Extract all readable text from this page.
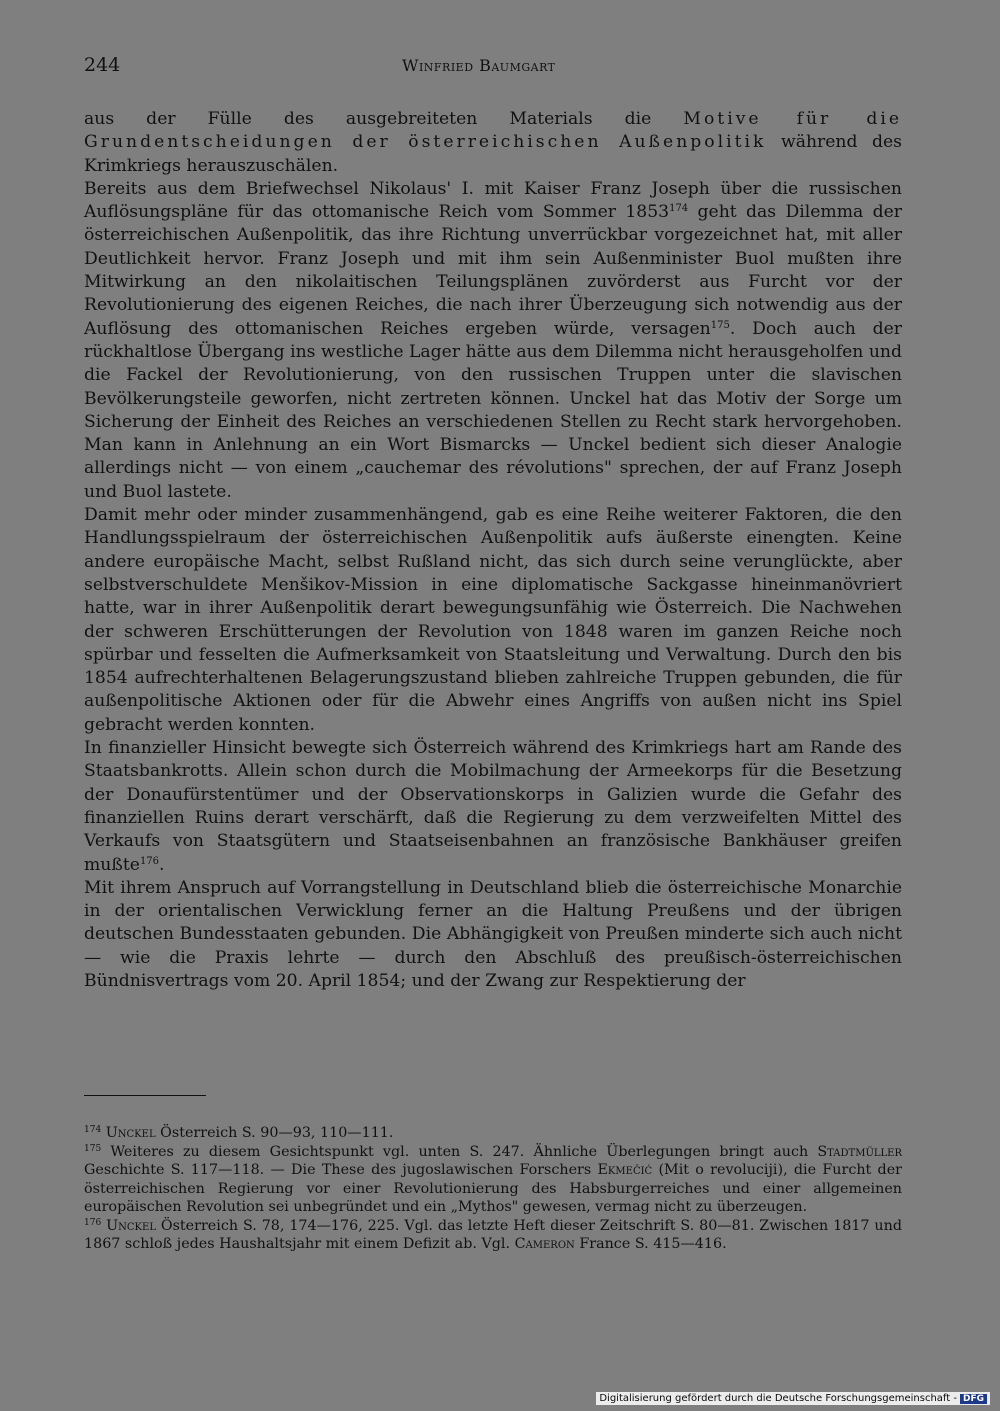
244	Winfried Baumgart

aus der Fülle des ausgebreiteten Materials die Motive für die Grundentscheidungen der österreichischen Außenpolitik während des Krimkriegs herauszuschälen.

Bereits aus dem Briefwechsel Nikolaus' I. mit Kaiser Franz Joseph über die russischen Auflösungspläne für das ottomanische Reich vom Sommer 1853$^{174}$ geht das Dilemma der österreichischen Außenpolitik, das ihre Richtung unverrückbar vorgezeichnet hat, mit aller Deutlichkeit hervor. Franz Joseph und mit ihm sein Außenminister Buol mußten ihre Mitwirkung an den nikolaitischen Teilungsplänen zuvörderst aus Furcht vor der Revolutionierung des eigenen Reiches, die nach ihrer Überzeugung sich notwendig aus der Auflösung des ottomanischen Reiches ergeben würde, versagen$^{175}$. Doch auch der rückhaltlose Übergang ins westliche Lager hätte aus dem Dilemma nicht herausgeholfen und die Fackel der Revolutionierung, von den russischen Truppen unter die slavischen Bevölkerungsteile geworfen, nicht zertreten können. Unckel hat das Motiv der Sorge um Sicherung der Einheit des Reiches an verschiedenen Stellen zu Recht stark hervorgehoben. Man kann in Anlehnung an ein Wort Bismarcks — Unckel bedient sich dieser Analogie allerdings nicht — von einem „cauchemar des révolutions" sprechen, der auf Franz Joseph und Buol lastete.

Damit mehr oder minder zusammenhängend, gab es eine Reihe weiterer Faktoren, die den Handlungsspielraum der österreichischen Außenpolitik aufs äußerste einengten. Keine andere europäische Macht, selbst Rußland nicht, das sich durch seine verunglückte, aber selbstverschuldete Menšikov-Mission in eine diplomatische Sackgasse hineinmanövriert hatte, war in ihrer Außenpolitik derart bewegungsunfähig wie Österreich. Die Nachwehen der schweren Erschütterungen der Revolution von 1848 waren im ganzen Reiche noch spürbar und fesselten die Aufmerksamkeit von Staatsleitung und Verwaltung. Durch den bis 1854 aufrechterhaltenen Belagerungszustand blieben zahlreiche Truppen gebunden, die für außenpolitische Aktionen oder für die Abwehr eines Angriffs von außen nicht ins Spiel gebracht werden konnten.

In finanzieller Hinsicht bewegte sich Österreich während des Krimkriegs hart am Rande des Staatsbankrotts. Allein schon durch die Mobilmachung der Armeekorps für die Besetzung der Donaufürstentümer und der Observationskorps in Galizien wurde die Gefahr des finanziellen Ruins derart verschärft, daß die Regierung zu dem verzweifelten Mittel des Verkaufs von Staatsgütern und Staatseisenbahnen an französische Bankhäuser greifen mußte$^{176}$.

Mit ihrem Anspruch auf Vorrangstellung in Deutschland blieb die österreichische Monarchie in der orientalischen Verwicklung ferner an die Haltung Preußens und der übrigen deutschen Bundesstaaten gebunden. Die Abhängigkeit von Preußen minderte sich auch nicht — wie die Praxis lehrte — durch den Abschluß des preußisch-österreichischen Bündnisvertrags vom 20. April 1854; und der Zwang zur Respektierung der

$^{174}$ Unckel Österreich S. 90—93, 110—111.

$^{175}$ Weiteres zu diesem Gesichtspunkt vgl. unten S. 247. Ähnliche Überlegungen bringt auch Stadtmüller Geschichte S. 117—118. — Die These des jugoslawischen Forschers Ekmečić (Mit o revoluciji), die Furcht der österreichischen Regierung vor einer Revolutionierung des Habsburgerreiches und einer allgemeinen europäischen Revolution sei unbegründet und ein „Mythos" gewesen, vermag nicht zu überzeugen.

$^{176}$ Unckel Österreich S. 78, 174—176, 225. Vgl. das letzte Heft dieser Zeitschrift S. 80—81. Zwischen 1817 und 1867 schloß jedes Haushaltsjahr mit einem Defizit ab. Vgl. Cameron France S. 415—416.

Digitalisierung gefördert durch die Deutsche Forschungsgemeinschaft - DFG
